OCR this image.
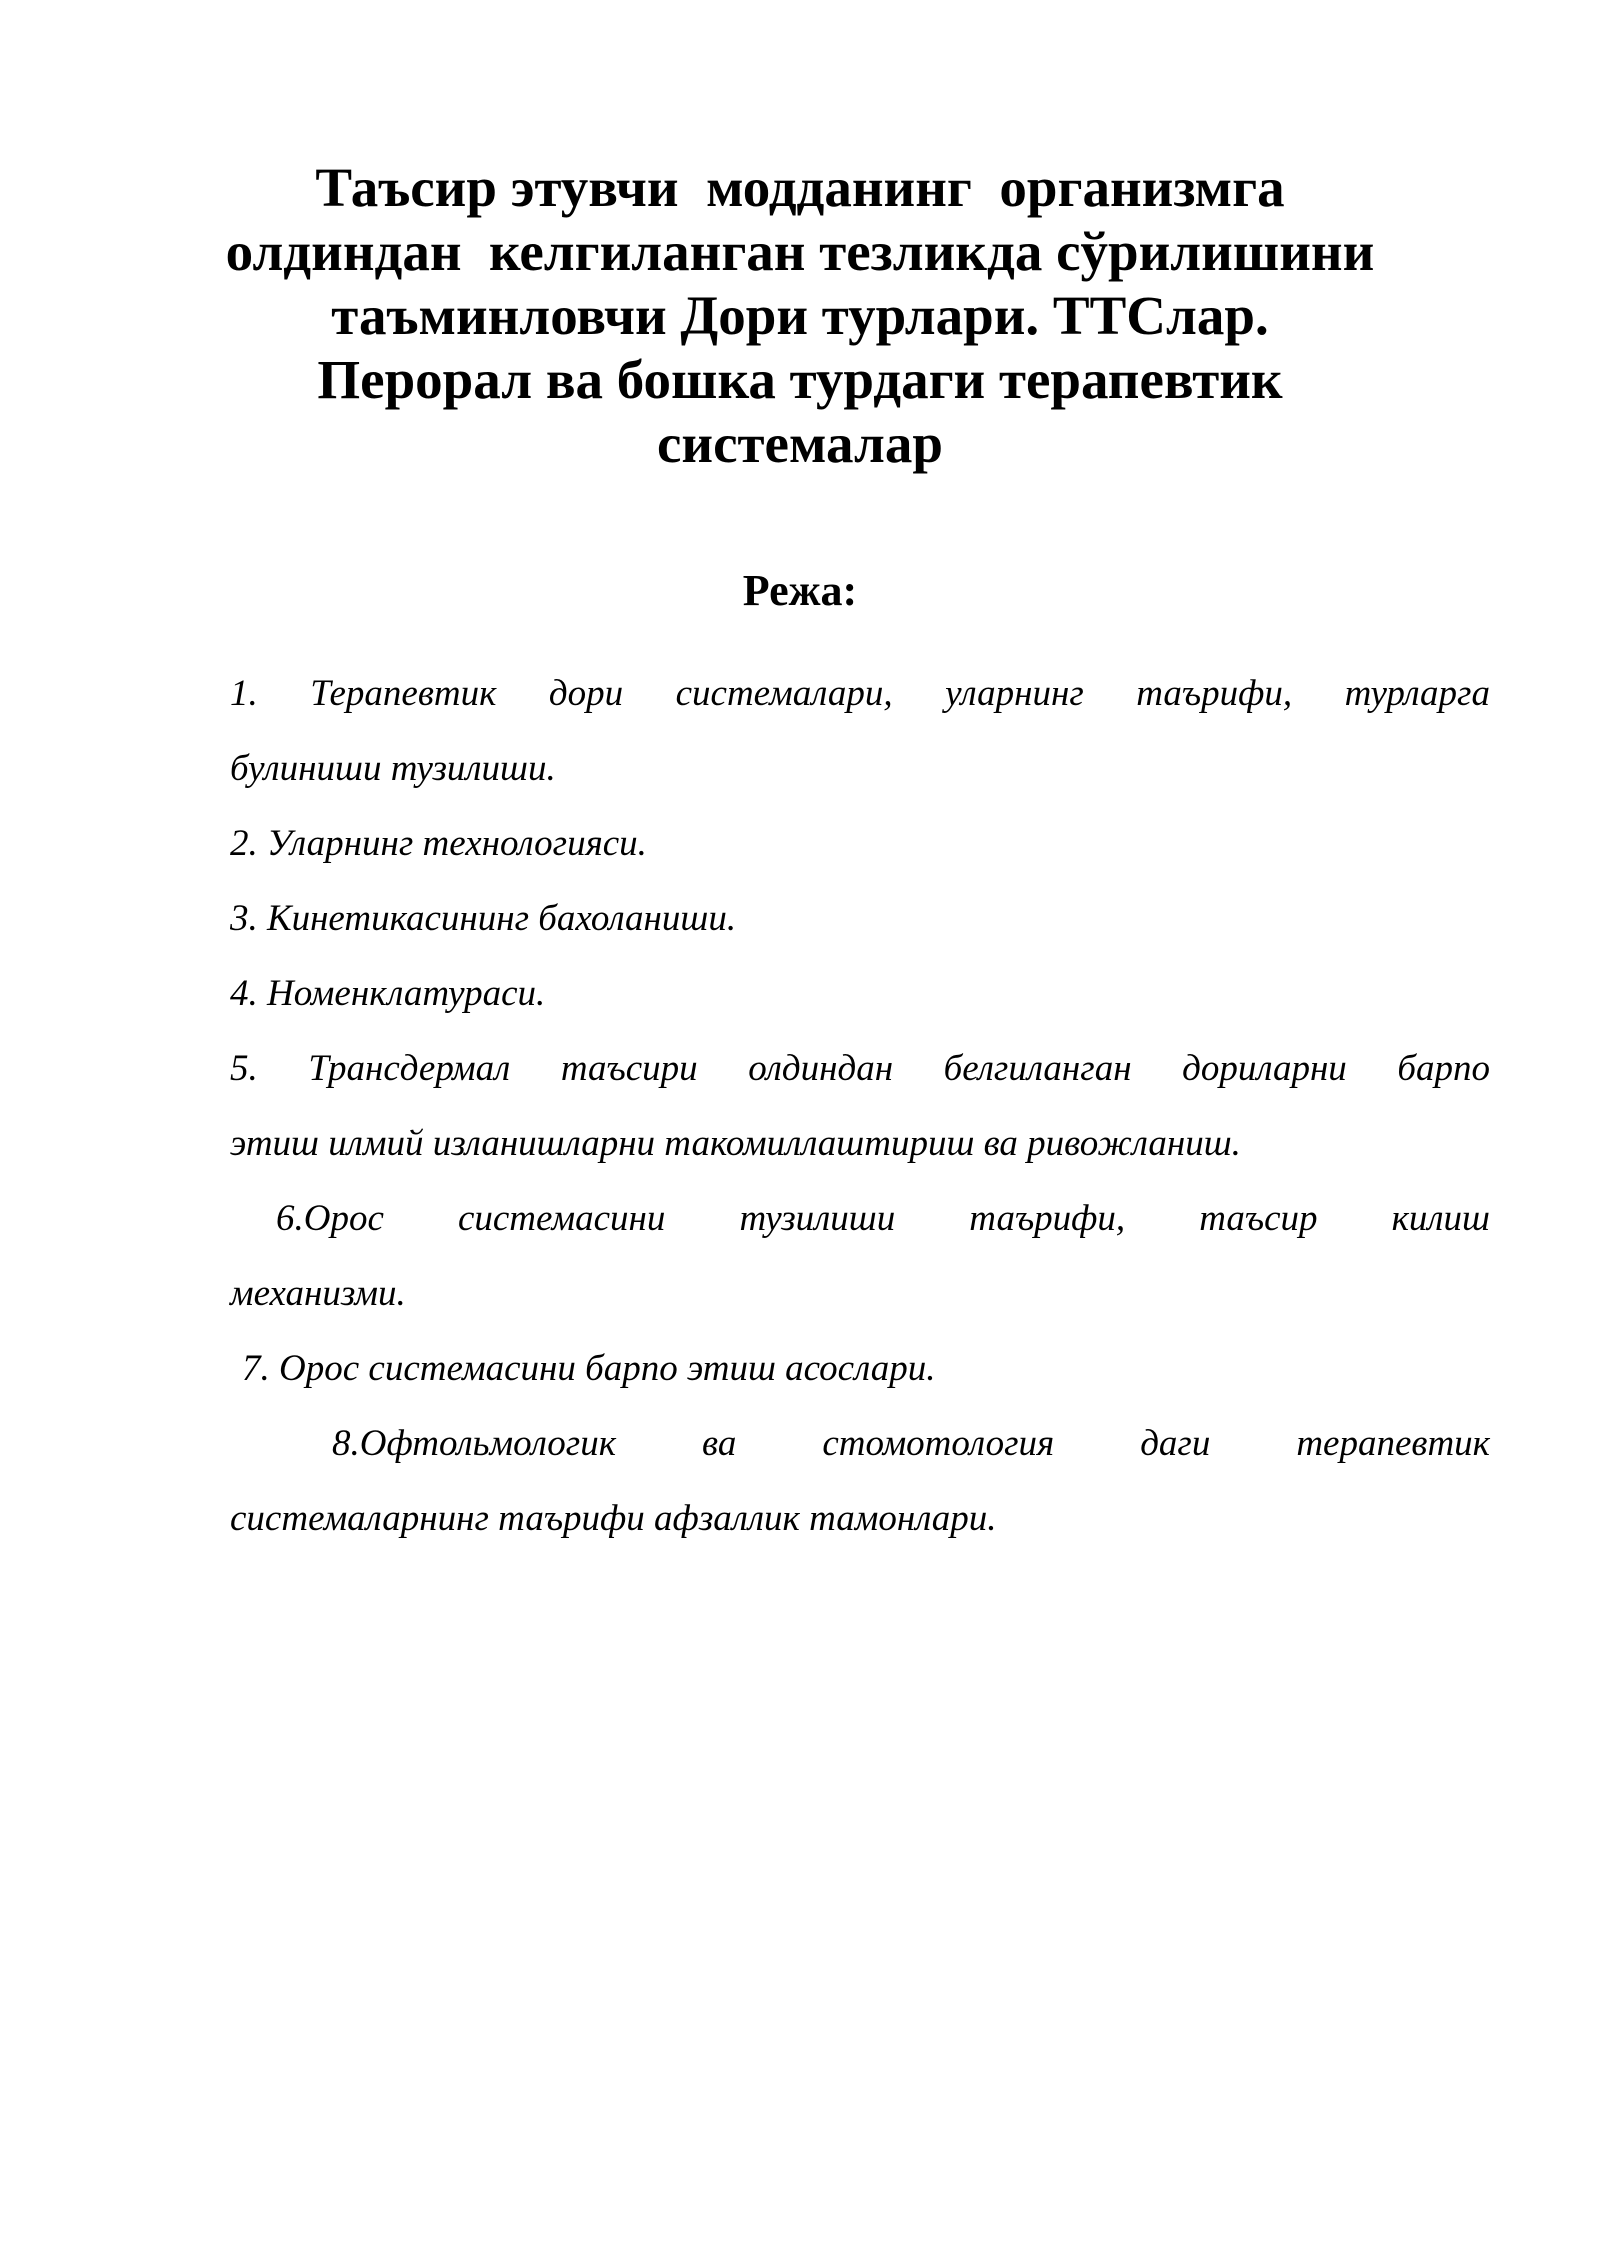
Таъсир этувчи  модданинг  организмга
олдиндан  келгиланган тезликда сўрилишини
таъминловчи Дори турлари. ТТСлар.
Перорал ва бошка турдаги терапевтик
системалар
Режа:
1. Терапевтик дори системалари, уларнинг таърифи, турларга
булиниши тузилиши.
2. Уларнинг технологияси.
3. Кинетикасининг бахоланиши.
4. Номенклатураси.
5. Трансдермал таъсири олдиндан белгиланган дориларни барпо
этиш илмий изланишларни такомиллаштириш ва ривожланиш.
6.Орос системасини тузилиши таърифи, таъсир килиш
механизми.
7. Орос системасини барпо этиш асослари.
8.Офтольмологик ва стомотология даги терапевтик
системаларнинг таърифи афзаллик тамонлари.
